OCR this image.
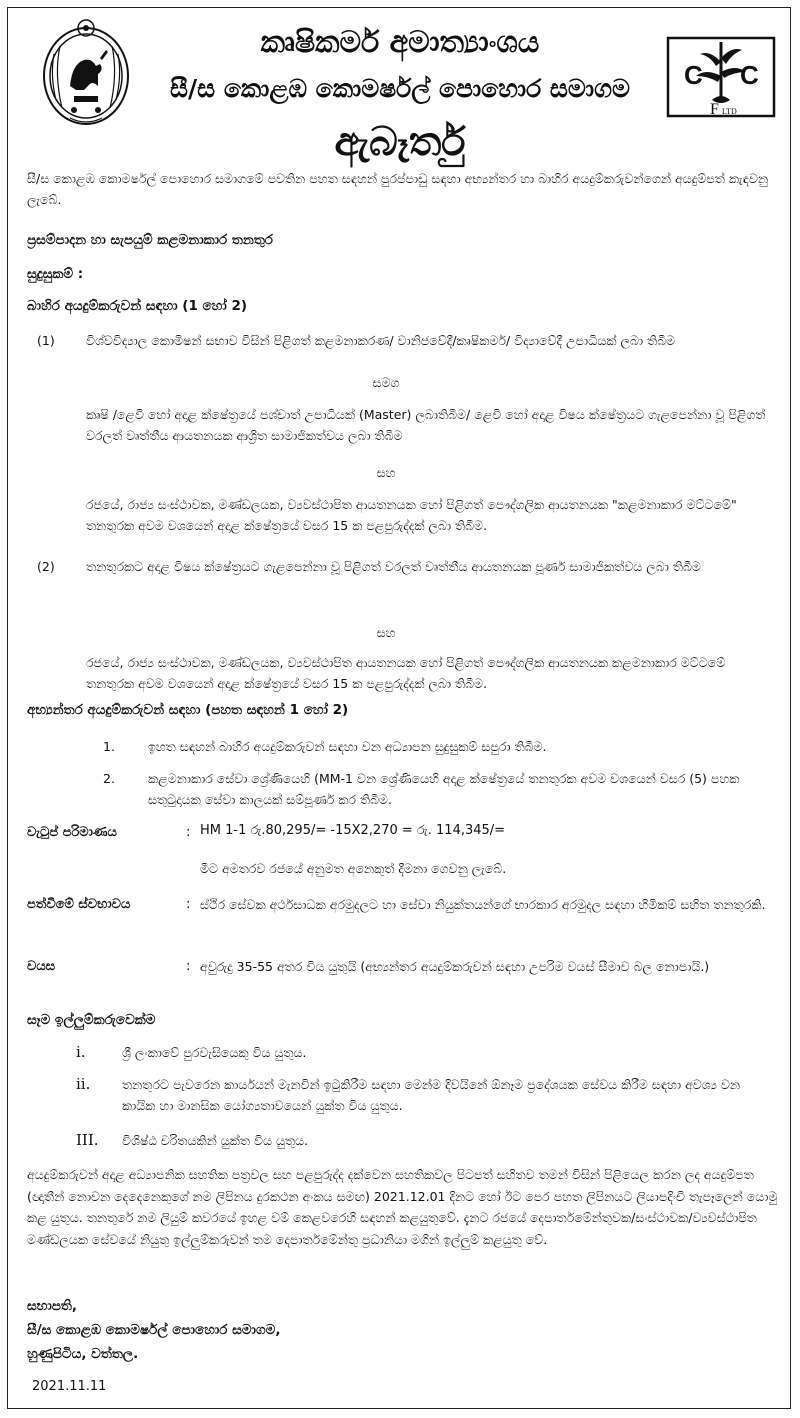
C C
F LTD
කෘෂිකර්ම අමාත්‍යාංශය
සී/ස කොළඹ කොමර්ෂල් පොහොර සමාගම
ඇබෑර්තු
සී/ස කොළඹ කොමර්ෂල් පොහොර සමාගමේ පවතින පහත සඳහන් පුරප්පාඩු සඳහා අභ්‍යන්තර හා බාහිර අයදුම්කරුවන්ගෙන් අයදුම්පත් කැඳවනු ලැබේ.
ප්‍රසම්පාදන හා සැපයුම් කළමනාකාර තනතුර
සුදුසුකම් :
බාහිර අයදුම්කරුවන් සඳහා (1 හෝ 2)
(1)	විශ්වවිද්‍යාල කොමිෂන් සභාව විසින් පිළිගත් කළමනාකරණ/ වානිජවේදී/කෘෂිකර්ම/ විද්‍යාවේදී උපාධියක් ලබා තිබීම
සමග
කෘෂි /ළෙවි හෝ අදාළ ක්ෂේත්‍රයේ පශ්චාත් උපාධියක් (Master) ලබාතිබීම/ ළෙවි හෝ අදාළ විෂය ක්ෂේත්‍රයට ගැළපෙන්නා වූ පිළිගත් වරලත් වෘත්තීය ආයතනයක ආශ්‍රිත සාමාජිකත්වය ලබා තිබීම
සහ
රජයේ, රාජ්‍ය සංස්ථාවක, මණ්ඩලයක, ව්‍යවස්ථාපිත ආයතනයක හෝ පිළිගත් පෞද්ගලික ආයතනයක "කළමනාකාර මට්ටමේ" තනතුරක අවම වශයෙන් අදාළ ක්ෂේත්‍රයේ වසර 15 ක පළපුරුද්දක් ලබා තිබීම.
(2)	තනතුරකට අදාළ විෂය ක්ෂේත්‍රයට ගැළපෙන්නා වූ පිළිගත් වරලත් වෘත්තීය ආයතනයක පූර්ණ සාමාජිකත්වය ලබා තිබීම
සහ
රජයේ, රාජ්‍ය සංස්ථාවක, මණ්ඩලයක, ව්‍යවස්ථාපිත ආයතනයක හෝ පිළිගත් පෞද්ගලික ආයතනයක කළමනාකාර මට්ටමේ තනතුරක අවම වශයෙන් අදාළ ක්ෂේත්‍රයේ වසර 15 ක පළපුරුද්දක් ලබා තිබීම.
අභ්‍යන්තර අයදුම්කරුවන් සඳහා (පහත සඳහන් 1 හෝ 2)
1.	ඉහත සඳහන් බාහිර අයදුම්කරුවන් සඳහා වන අධ්‍යාපන සුදුසුකම් සපුරා තිබීම.
2.	කළමනාකාර සේවා ශ්‍රේණියෙහි (MM-1 වන ශ්‍රේණියෙහි අදාළ ක්ෂේත්‍රයේ තනතුරක අවම වශයෙන් වසර (5) පහක සතුටුදායක සේවා කාලයක් සම්පූර්ණ කර තිබීම.
වැටුප් පරිමාණය	: HM 1-1 රු.80,295/= -15X2,270 = රු. 114,345/=
මීට අමතරව රජයේ අනුමත අනෙකුත් දීමනා ගෙවනු ලැබේ.
පත්වීමේ ස්වභාවය	: ස්ථිර සේවක අර්ථසාධක අරමුදලට හා සේවා නියුක්තයන්ගේ භාරකාර අරමුදල සඳහා හිමිකම් සහිත තනතුරකි.
වයස	: අවුරුදු 35-55 අතර විය යුතුයි (අභ්‍යන්තර අයදුම්කරුවන් සඳහා උපරිම වයස් සීමාව බල නොපායි.)
සෑම ඉල්ලුම්කරුවෙක්ම
i.	ශ්‍රී ලංකාවේ පුරවැසියෙකු විය යුතුය.
ii.	තනතුරට පැවරෙන කාර්යයන් මැනවින් ඉටුකිරීම සඳහා මෙන්ම දිවයිනේ ඕනෑම ප්‍රදේශයක සේවය කිරීම සඳහා අවශ්‍ය වන කායික හා මානසික යෝග්‍යතාවයෙන් යුක්ත විය යුතුය.
III. විශිෂ්ඨ චරිතයකින් යුක්ත විය යුතුය.
අයදුම්කරුවන් අදාළ අධ්‍යාපනික සහතික පත්‍රවල සහ පළපුරුද්ද දක්වෙන සහතිකවල පිටපත් සහිතව තමන් විසින් පිළියෙල කරන ලද අයදුම්පත (ඥාතීන් නොවන දෙදෙනෙකුගේ නම ලිපිනය දුරකථන අංකය සමඟ) 2021.12.01 දිනට හෝ ඊට පෙර පහත ලිපිනයට ලියාපදිංචි තැපෑලෙන් යොමු කළ යුතුය. තනතුරේ නම ලියුම් කවරයේ ඉහළ වම් කෙළවරෙහි සඳහන් කළයුතුවේ. දැනට රජයේ දෙපාර්තමේන්තුවක/සංස්ථාවක/ව්‍යවස්ථාපිත මණ්ඩලයක සේවයේ නියුතු ඉල්ලුම්කරුවන් තම දෙපාර්තමේන්තු ප්‍රධානියා මගින් ඉල්ලුම් කළයුතු වේ.
සභාපති,
සී/ස කොළඹ කොමර්ෂල් පොහොර සමාගම,
හුණුපිටිය, වත්තල.
2021.11.11
